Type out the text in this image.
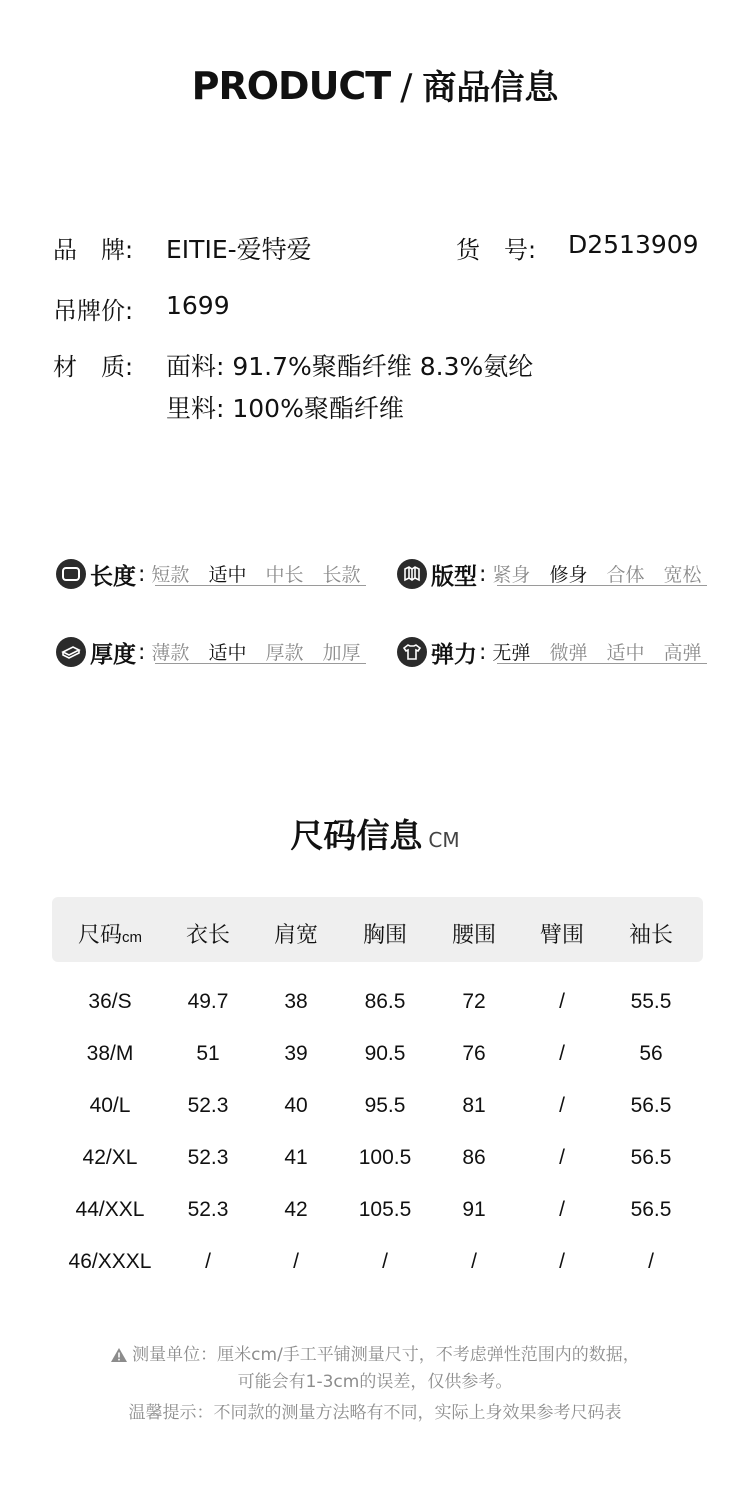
PRODUCT / 商品信息
品　牌: EITIE-爱特爱	货　号: D2513909
吊牌价: 1699
材　质: 面料: 91.7%聚酯纤维 8.3%氨纶
里料: 100%聚酯纤维
长度 : 短款 适中 中长 长款	版型 : 紧身 修身 合体 宽松
厚度 : 薄款 适中 厚款 加厚	弹力 : 无弹 微弹 适中 高弹
尺码信息 CM
尺码cm 衣长 肩宽 胸围 腰围 臂围 袖长
36/S	49.7	38	86.5	72	/	55.5
38/M	51	39	90.5	76	/	56
40/L	52.3	40	95.5	81	/	56.5
42/XL 52.3	41 100.5 86	/	56.5
44/XXL 52.3	42 105.5 91	/	56.5
46/XXXL	/	/	/	/	/	/
测量单位：厘米cm/手工平铺测量尺寸，不考虑弹性范围内的数据，
可能会有1-3cm的误差，仅供参考。
温馨提示：不同款的测量方法略有不同，实际上身效果参考尺码表
